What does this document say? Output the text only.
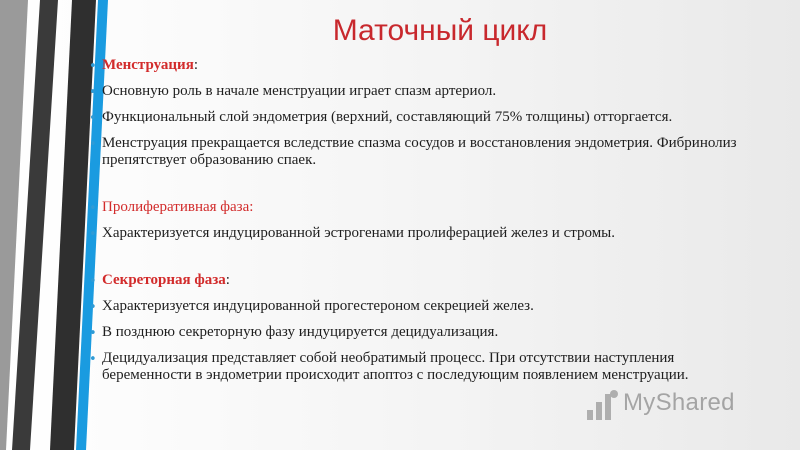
Маточный цикл
• Менструация:
• Основную роль в начале менструации играет спазм артериол.
• Функциональный слой эндометрия (верхний, составляющий 75% толщины) отторгается.
• Менструация прекращается вследствие спазма сосудов и восстановления эндометрия. Фибринолиз препятствует образованию спаек.
• Пролиферативная фаза:
• Характеризуется индуцированной эстрогенами пролиферацией желез и стромы.
• Секреторная фаза:
• Характеризуется индуцированной прогестероном секрецией желез.
• В позднюю секреторную фазу индуцируется децидуализация.
• Децидуализация представляет собой необратимый процесс. При отсутствии наступления беременности в эндометрии происходит апоптоз с последующим появлением менструации.
MyShared
